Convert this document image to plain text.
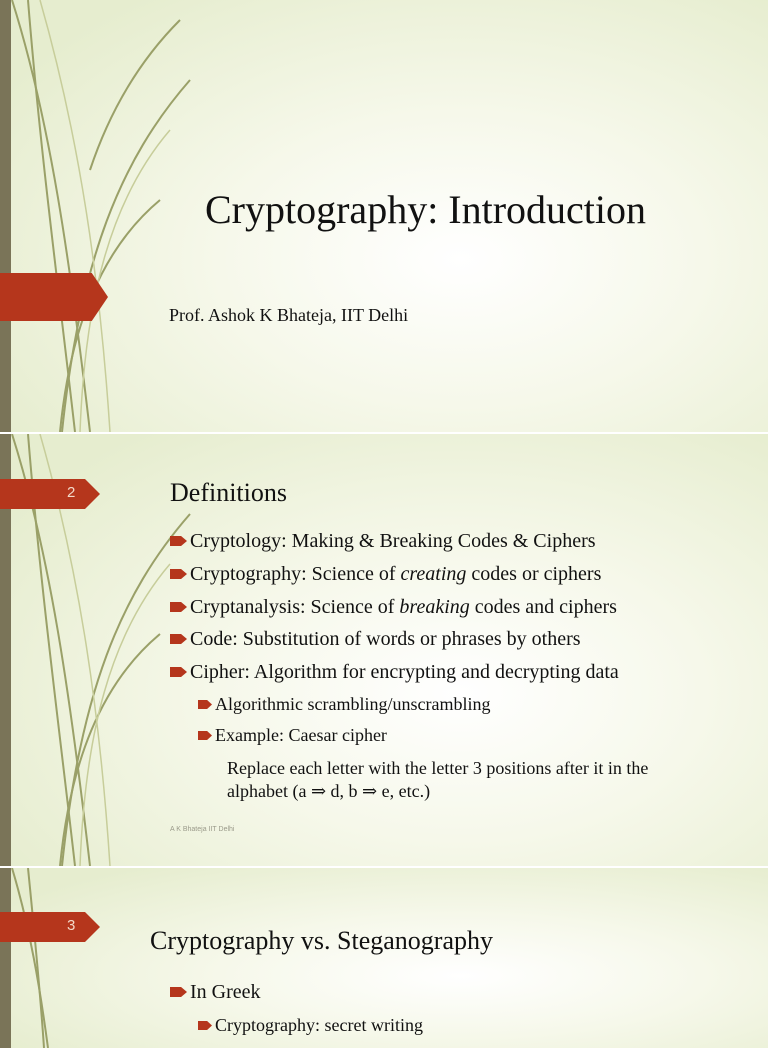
Cryptography: Introduction
Prof. Ashok K Bhateja, IIT Delhi
2	Definitions
Cryptology: Making & Breaking Codes & Ciphers
Cryptography: Science of creating codes or ciphers
Cryptanalysis: Science of breaking codes and ciphers
Code: Substitution of words or phrases by others
Cipher: Algorithm for encrypting and decrypting data
Algorithmic scrambling/unscrambling
Example: Caesar cipher
Replace each letter with the letter 3 positions after it in the alphabet (a ⇒ d, b ⇒ e, etc.)
A K Bhateja IIT Delhi
3
Cryptography vs. Steganography
In Greek
Cryptography: secret writing
